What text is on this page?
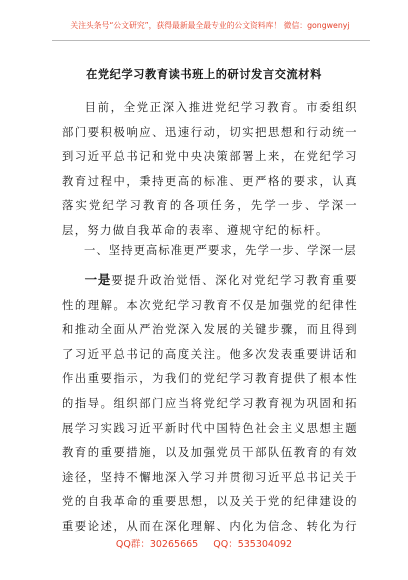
关注头条号“公文研究”，获得最新最全最专业的公文资料库！ 微信：gongwenyj
在党纪学习教育读书班上的研讨发言交流材料

目前，全党正深入推进党纪学习教育。市委组织部门要积极响应、迅速行动，切实把思想和行动统一到习近平总书记和党中央决策部署上来，在党纪学习教育过程中，秉持更高的标准、更严格的要求，认真落实党纪学习教育的各项任务，先学一步、学深一层，努力做自我革命的表率、遵规守纪的标杆。

一、坚持更高标准更严要求，先学一步、学深一层

一是要提升政治觉悟、深化对党纪学习教育重要性的理解。本次党纪学习教育不仅是加强党的纪律性和推动全面从严治党深入发展的关键步骤，而且得到了习近平总书记的高度关注。他多次发表重要讲话和作出重要指示，为我们的党纪学习教育提供了根本性的指导。组织部门应当将党纪学习教育视为巩固和拓展学习实践习近平新时代中国特色社会主义思想主题教育的重要措施，以及加强党员干部队伍教育的有效途径，坚持不懈地深入学习并贯彻习近平总书记关于党的自我革命的重要思想，以及关于党的纪律建设的重要论述，从而在深化理解、内化为信念、转化为行

QQ群：30265665 QQ：535304092
